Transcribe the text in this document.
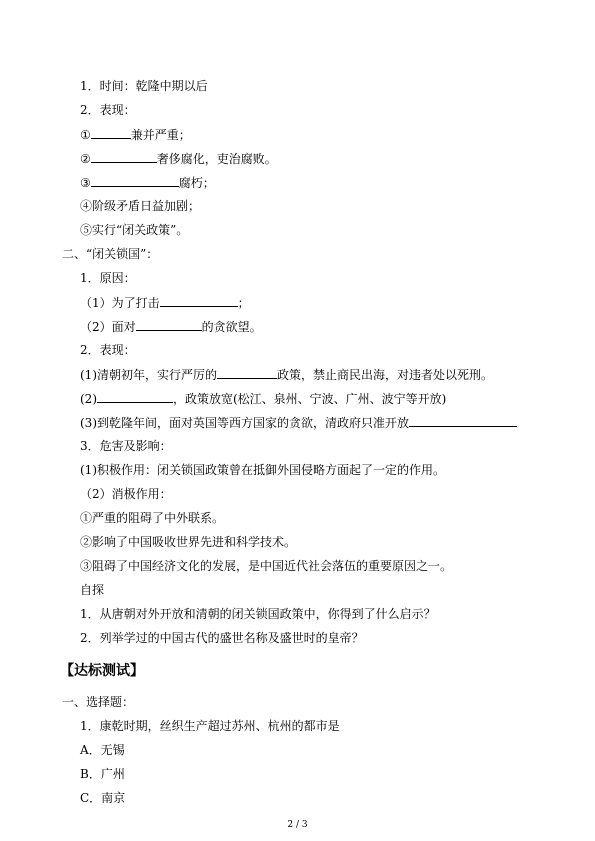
1．时间：乾隆中期以后
2．表现：
①	兼并严重；
②	奢侈腐化，吏治腐败。
③	腐朽；
④阶级矛盾日益加剧；
⑤实行“闭关政策”。
二、“闭关锁国”：
1．原因：
（1）为了打击	；
（2）面对	的贪欲望。
2．表现：
(1)清朝初年，实行严厉的	政策，禁止商民出海，对违者处以死刑。
(2)	，政策放宽(松江、泉州、宁波、广州、波宁等开放)
(3)到乾隆年间，面对英国等西方国家的贪欲，清政府只准开放
3．危害及影响：
(1)积极作用：闭关锁国政策曾在抵御外国侵略方面起了一定的作用。
（2）消极作用：
①严重的阻碍了中外联系。
②影响了中国吸收世界先进和科学技术。
③阻碍了中国经济文化的发展，是中国近代社会落伍的重要原因之一。
自探
1．从唐朝对外开放和清朝的闭关锁国政策中，你得到了什么启示？
2．列举学过的中国古代的盛世名称及盛世时的皇帝？
【达标测试】
一、选择题：
1．康乾时期，丝织生产超过苏州、杭州的都市是
A．无锡
B．广州
C．南京
2 / 3
